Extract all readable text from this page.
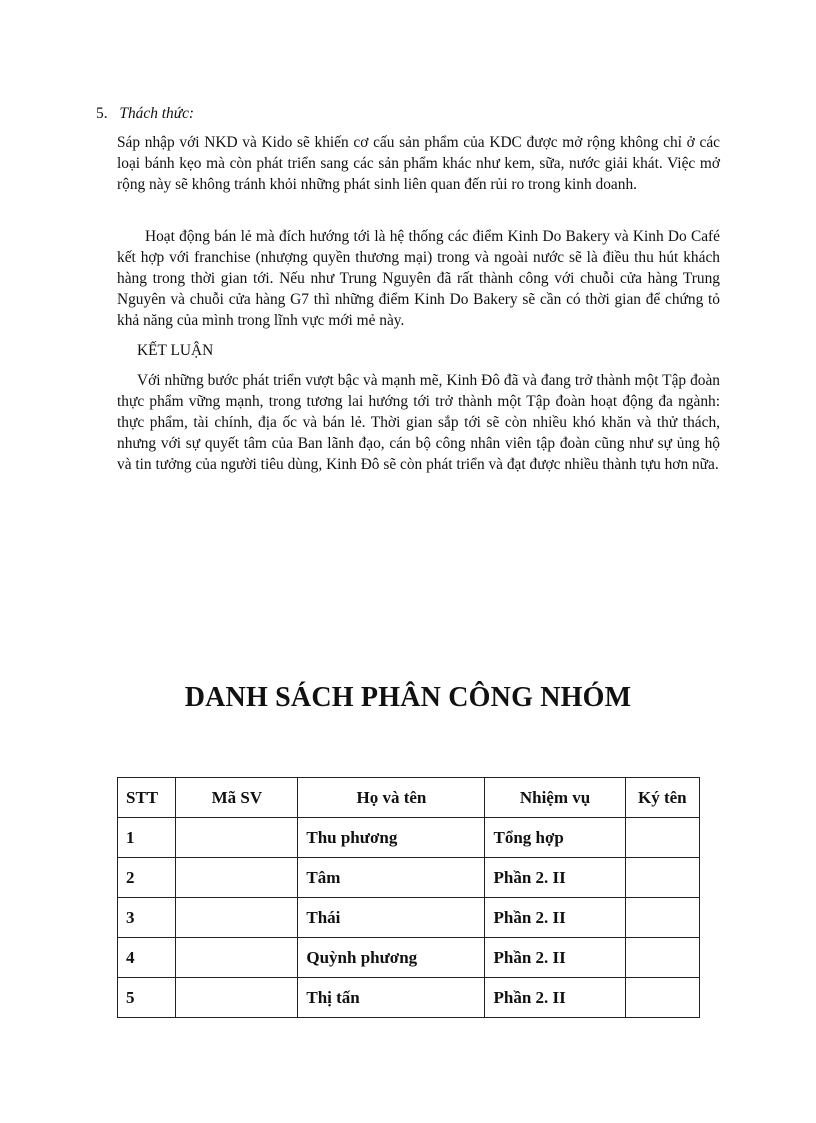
5. Thách thức:

Sáp nhập với NKD và Kido sẽ khiến cơ cấu sản phẩm của KDC được mở rộng không chỉ ở các loại bánh kẹo mà còn phát triển sang các sản phẩm khác như kem, sữa, nước giải khát. Việc mở rộng này sẽ không tránh khỏi những phát sinh liên quan đến rủi ro trong kinh doanh.

Hoạt động bán lẻ mà đích hướng tới là hệ thống các điểm Kinh Do Bakery và Kinh Do Café kết hợp với franchise (nhượng quyền thương mại) trong và ngoài nước sẽ là điều thu hút khách hàng trong thời gian tới. Nếu như Trung Nguyên đã rất thành công với chuỗi cửa hàng Trung Nguyên và chuỗi cửa hàng G7 thì những điểm Kinh Do Bakery sẽ cần có thời gian để chứng tỏ khả năng của mình trong lĩnh vực mới mẻ này.

KẾT LUẬN

Với những bước phát triển vượt bậc và mạnh mẽ, Kinh Đô đã và đang trở thành một Tập đoàn thực phẩm vững mạnh, trong tương lai hướng tới trở thành một Tập đoàn hoạt động đa ngành: thực phẩm, tài chính, địa ốc và bán lẻ. Thời gian sắp tới sẽ còn nhiều khó khăn và thử thách, nhưng với sự quyết tâm của Ban lãnh đạo, cán bộ công nhân viên tập đoàn cũng như sự ủng hộ và tin tưởng của người tiêu dùng, Kinh Đô sẽ còn phát triển và đạt được nhiều thành tựu hơn nữa.

DANH SÁCH PHÂN CÔNG NHÓM
STT	Mã SV	Họ và tên	Nhiệm vụ	Ký tên
1		Thu phương	Tổng hợp	
2		Tâm	Phần 2. II	
3		Thái	Phần 2. II	
4		Quỳnh phương	Phần 2. II	
5		Thị tấn	Phần 2. II	
